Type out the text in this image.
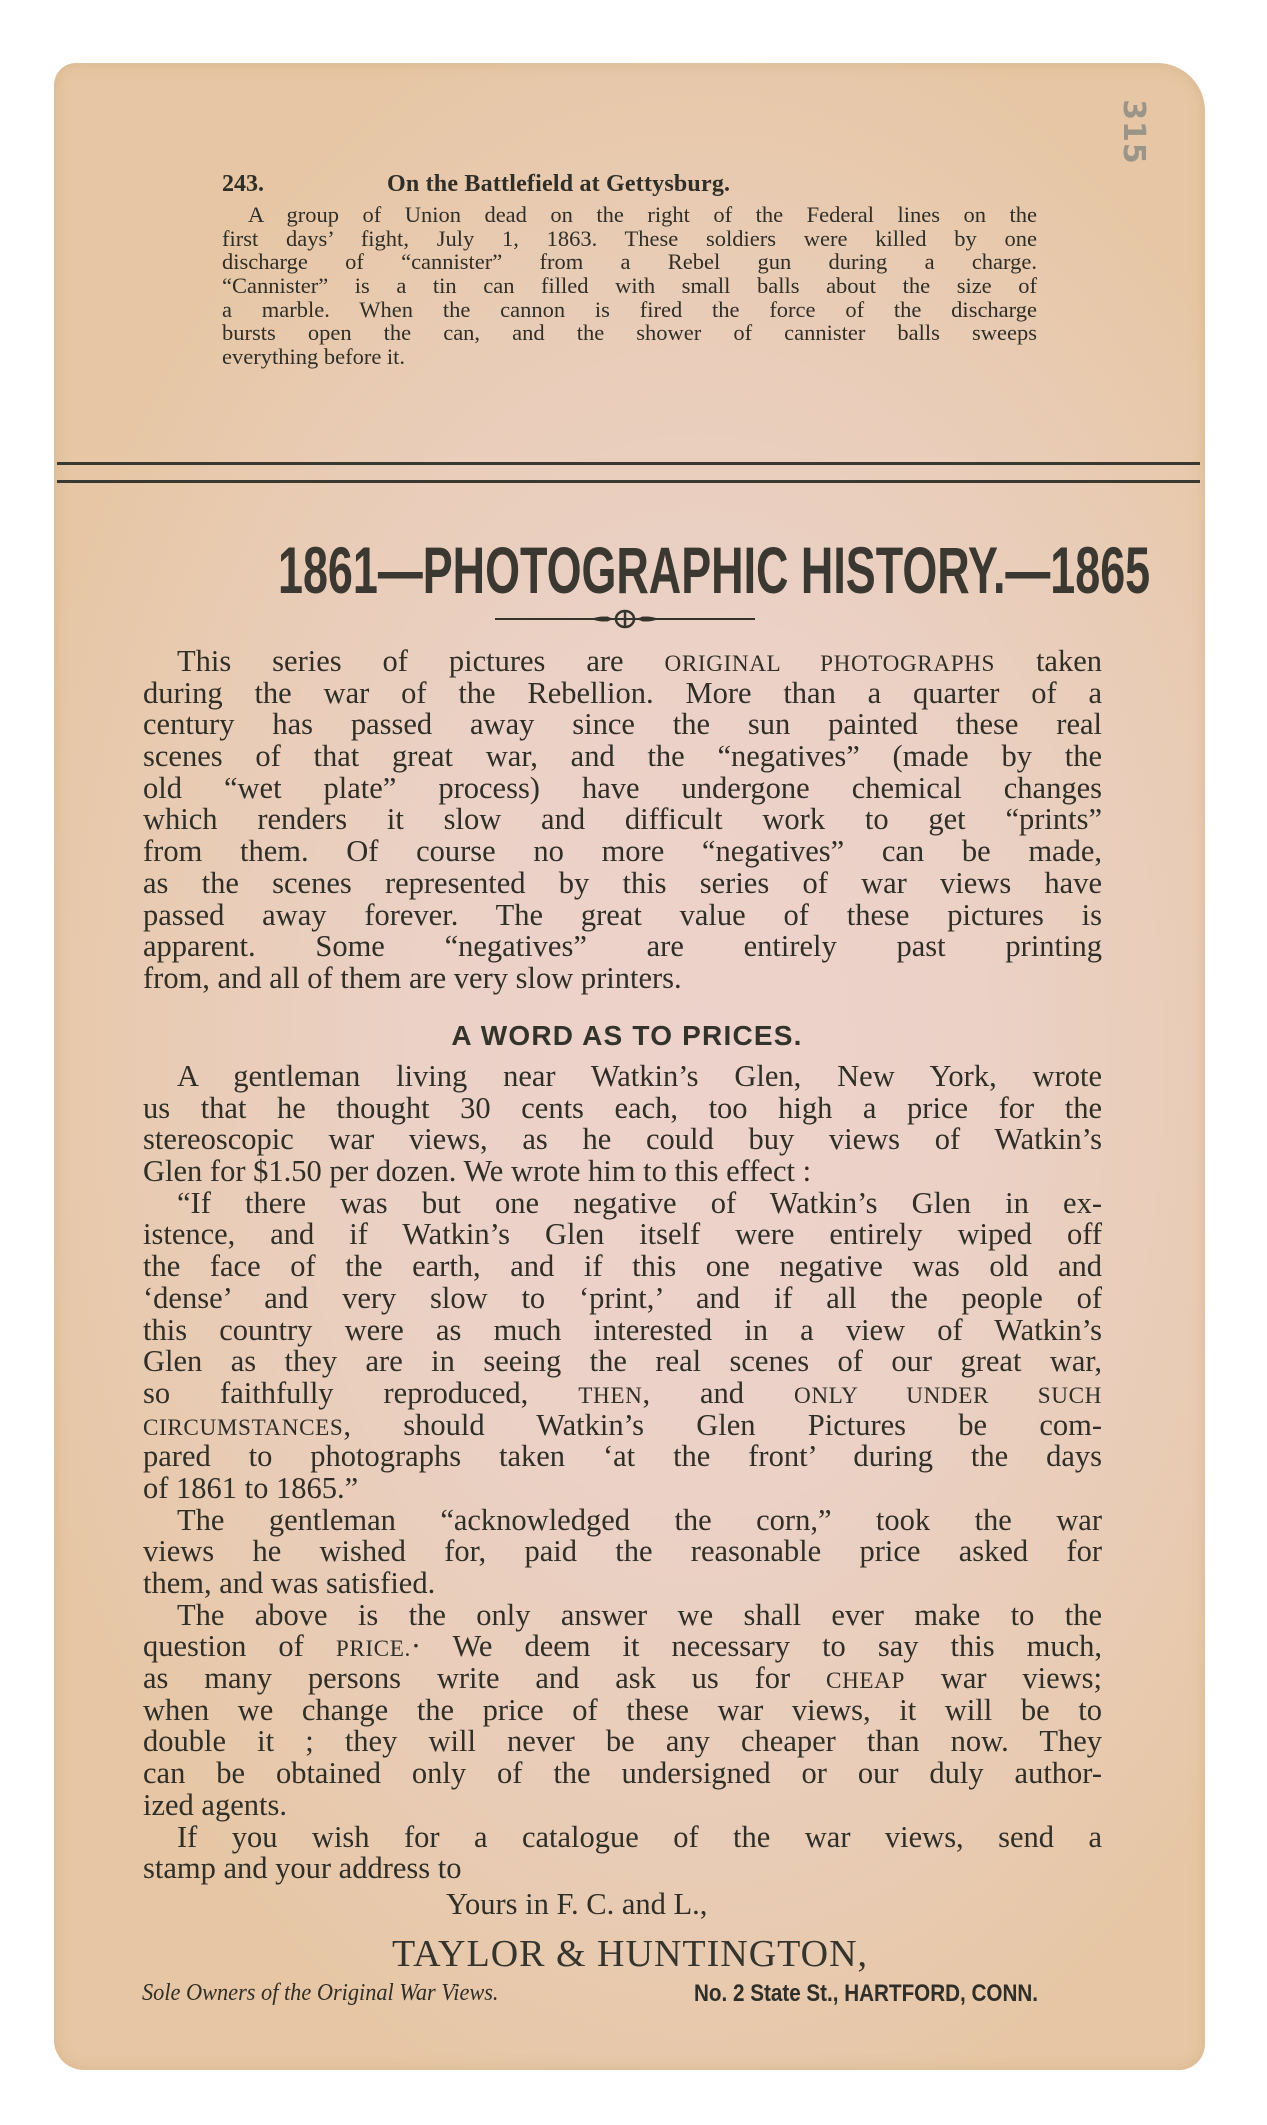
315
243.	On the Battlefield at Gettysburg.
A group of Union dead on the right of the Federal lines on the
first days’ fight, July 1, 1863. These soldiers were killed by one
discharge of “cannister” from a Rebel gun during a charge.
“Cannister” is a tin can filled with small balls about the size of
a marble. When the cannon is fired the force of the discharge
bursts open the can, and the shower of cannister balls sweeps
everything before it.
1861—PHOTOGRAPHIC HISTORY.—1865
This series of pictures are ORIGINAL PHOTOGRAPHS taken
during the war of the Rebellion. More than a quarter of a
century has passed away since the sun painted these real
scenes of that great war, and the “negatives” (made by the
old “wet plate” process) have undergone chemical changes
which renders it slow and difficult work to get “prints”
from them. Of course no more “negatives” can be made,
as the scenes represented by this series of war views have
passed away forever. The great value of these pictures is
apparent. Some “negatives” are entirely past printing
from, and all of them are very slow printers.
A WORD AS TO PRICES.
A gentleman living near Watkin’s Glen, New York, wrote
us that he thought 30 cents each, too high a price for the
stereoscopic war views, as he could buy views of Watkin’s
Glen for $1.50 per dozen. We wrote him to this effect :
“If there was but one negative of Watkin’s Glen in ex-
istence, and if Watkin’s Glen itself were entirely wiped off
the face of the earth, and if this one negative was old and
‘dense’ and very slow to ‘print,’ and if all the people of
this country were as much interested in a view of Watkin’s
Glen as they are in seeing the real scenes of our great war,
so faithfully reproduced, THEN, and ONLY UNDER SUCH
CIRCUMSTANCES, should Watkin’s Glen Pictures be com-
pared to photographs taken ‘at the front’ during the days
of 1861 to 1865.”
The gentleman “acknowledged the corn,” took the war
views he wished for, paid the reasonable price asked for
them, and was satisfied.
The above is the only answer we shall ever make to the
question of PRICE.· We deem it necessary to say this much,
as many persons write and ask us for CHEAP war views;
when we change the price of these war views, it will be to
double it ; they will never be any cheaper than now. They
can be obtained only of the undersigned or our duly author-
ized agents.
If you wish for a catalogue of the war views, send a
stamp and your address to
Yours in F. C. and L.,
TAYLOR & HUNTINGTON,
Sole Owners of the Original War Views.	No. 2 State St., HARTFORD, CONN.
